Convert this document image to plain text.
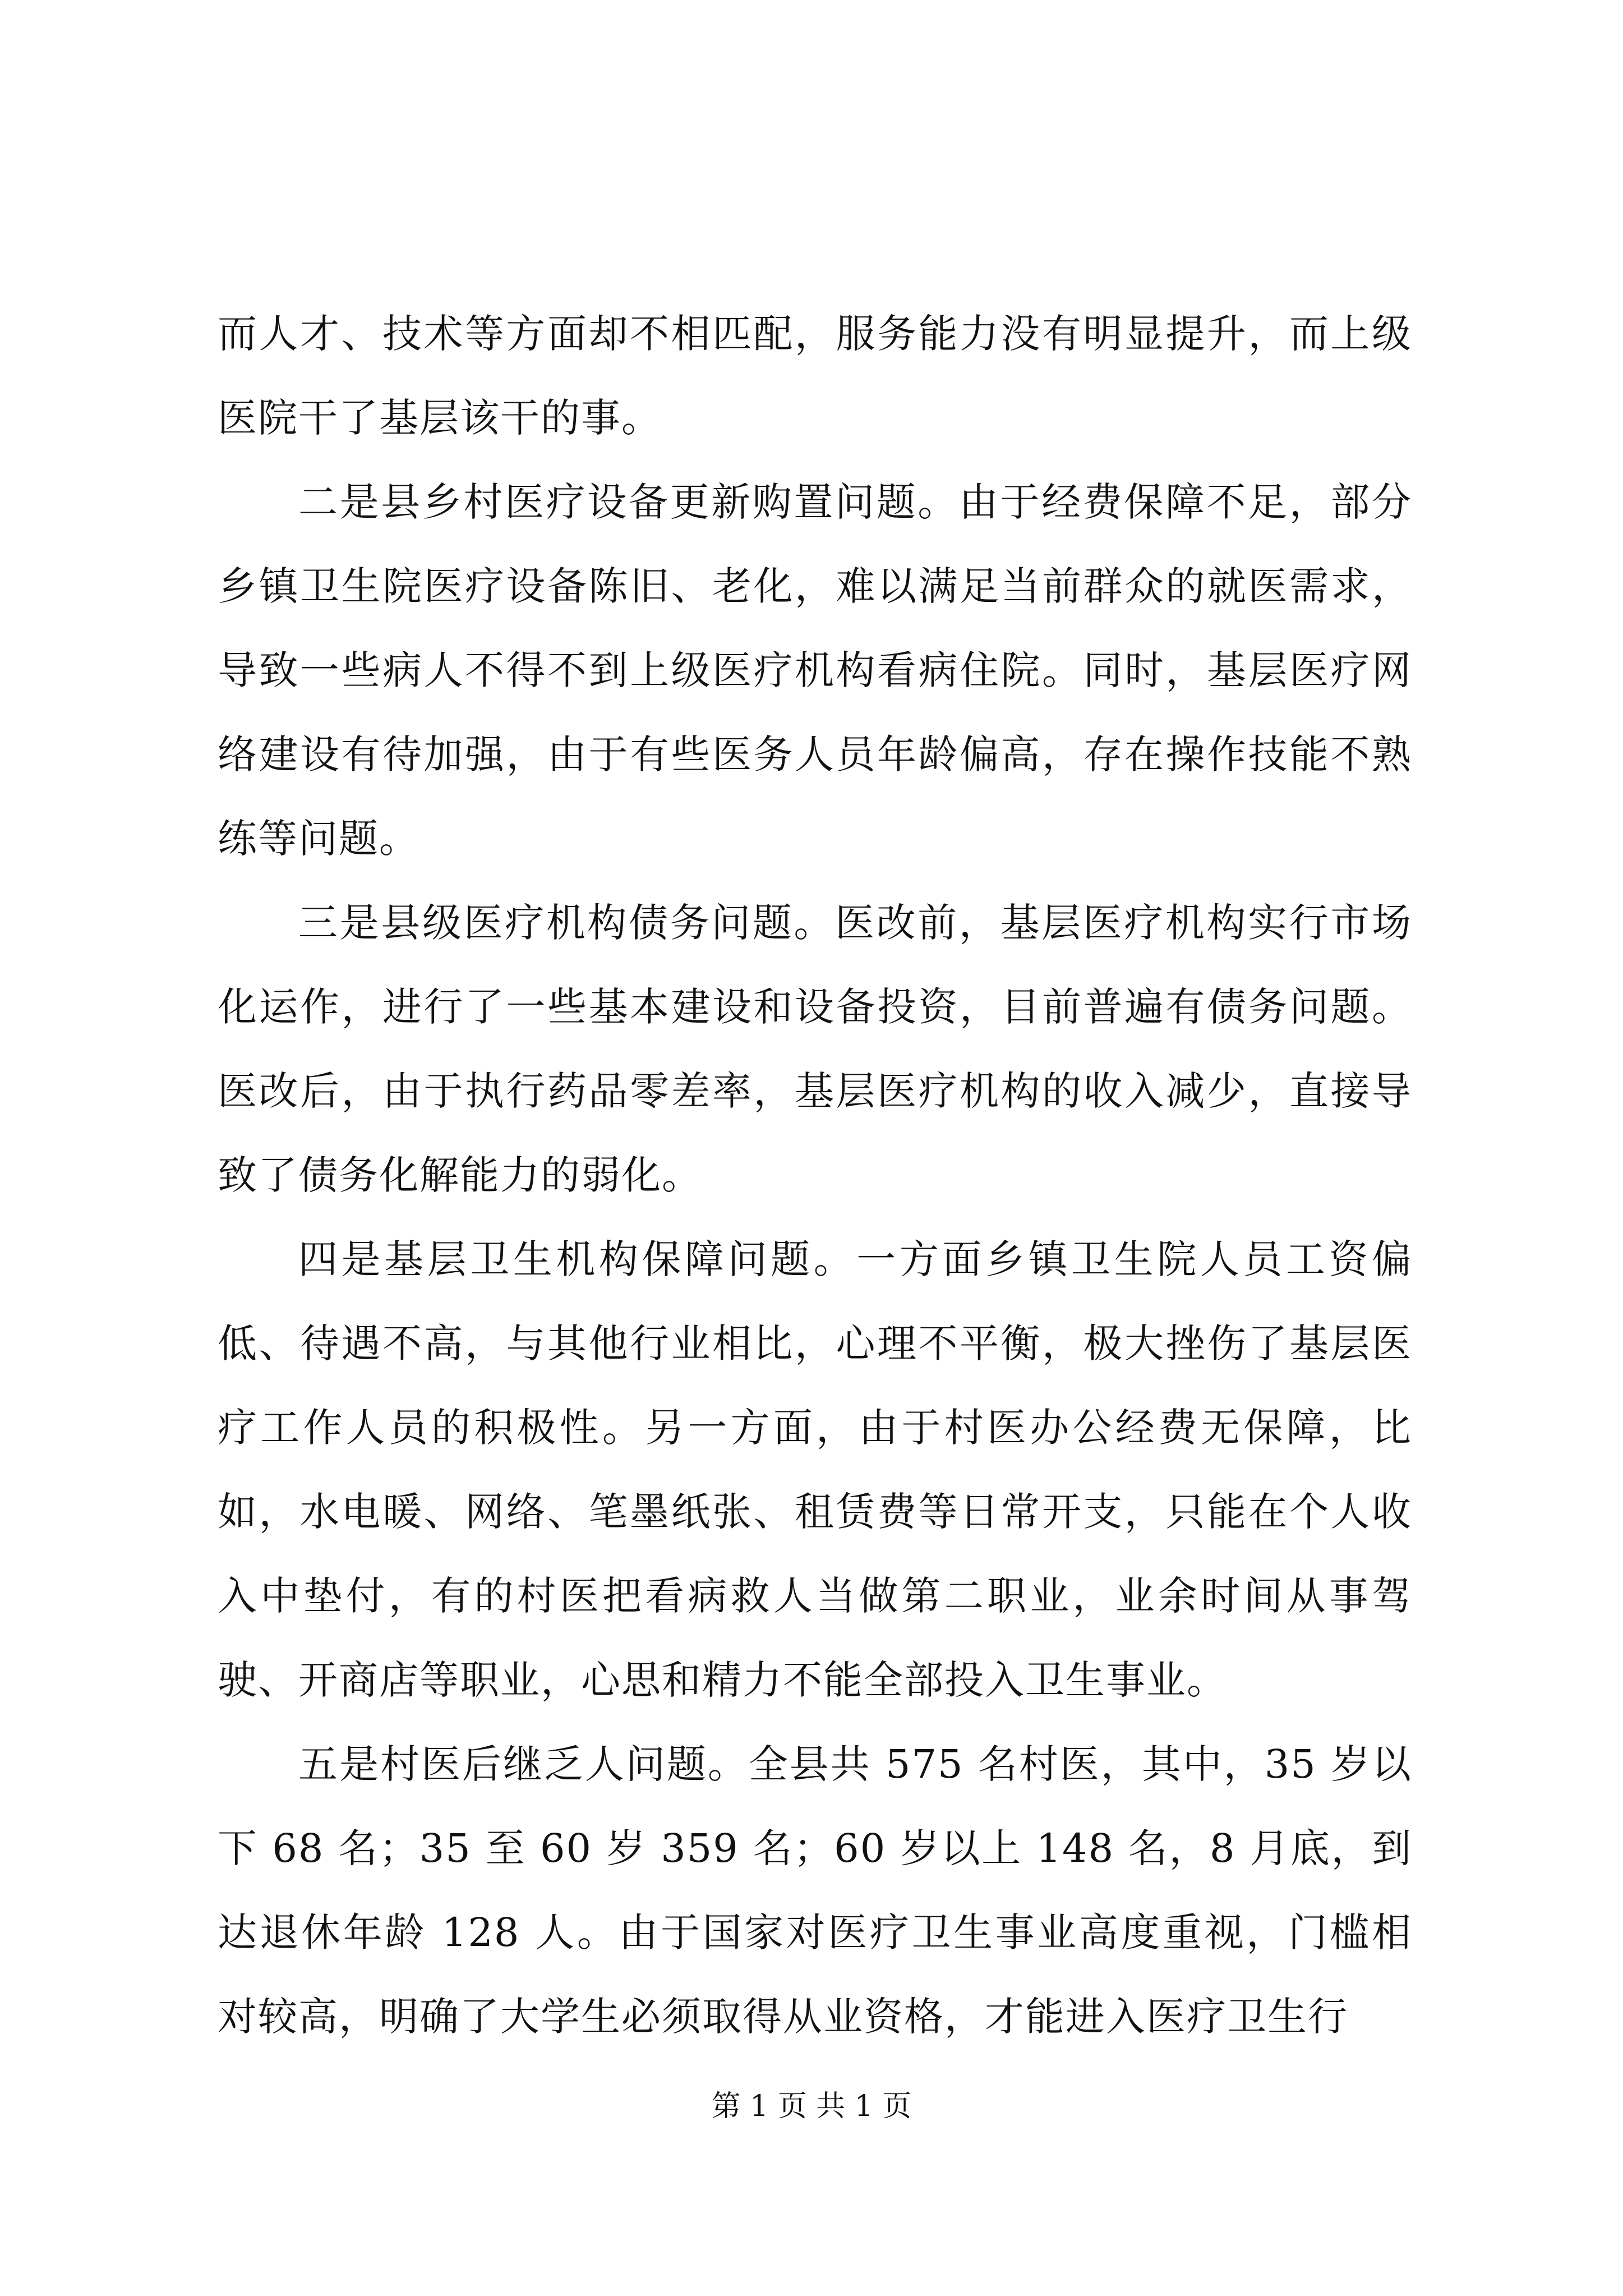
而人才、技术等方面却不相匹配，服务能力没有明显提升，而上级医院干了基层该干的事。

二是县乡村医疗设备更新购置问题。由于经费保障不足，部分乡镇卫生院医疗设备陈旧、老化，难以满足当前群众的就医需求，导致一些病人不得不到上级医疗机构看病住院。同时，基层医疗网络建设有待加强，由于有些医务人员年龄偏高，存在操作技能不熟练等问题。

三是县级医疗机构债务问题。医改前，基层医疗机构实行市场化运作，进行了一些基本建设和设备投资，目前普遍有债务问题。医改后，由于执行药品零差率，基层医疗机构的收入减少，直接导致了债务化解能力的弱化。

四是基层卫生机构保障问题。一方面乡镇卫生院人员工资偏低、待遇不高，与其他行业相比，心理不平衡，极大挫伤了基层医疗工作人员的积极性。另一方面，由于村医办公经费无保障，比如，水电暖、网络、笔墨纸张、租赁费等日常开支，只能在个人收入中垫付，有的村医把看病救人当做第二职业，业余时间从事驾驶、开商店等职业，心思和精力不能全部投入卫生事业。

五是村医后继乏人问题。全县共 575 名村医，其中，35 岁以下 68 名；35 至 60 岁 359 名；60 岁以上 148 名，8 月底，到达退休年龄 128 人。由于国家对医疗卫生事业高度重视，门槛相对较高，明确了大学生必须取得从业资格，才能进入医疗卫生行

第 1 页 共 1 页
